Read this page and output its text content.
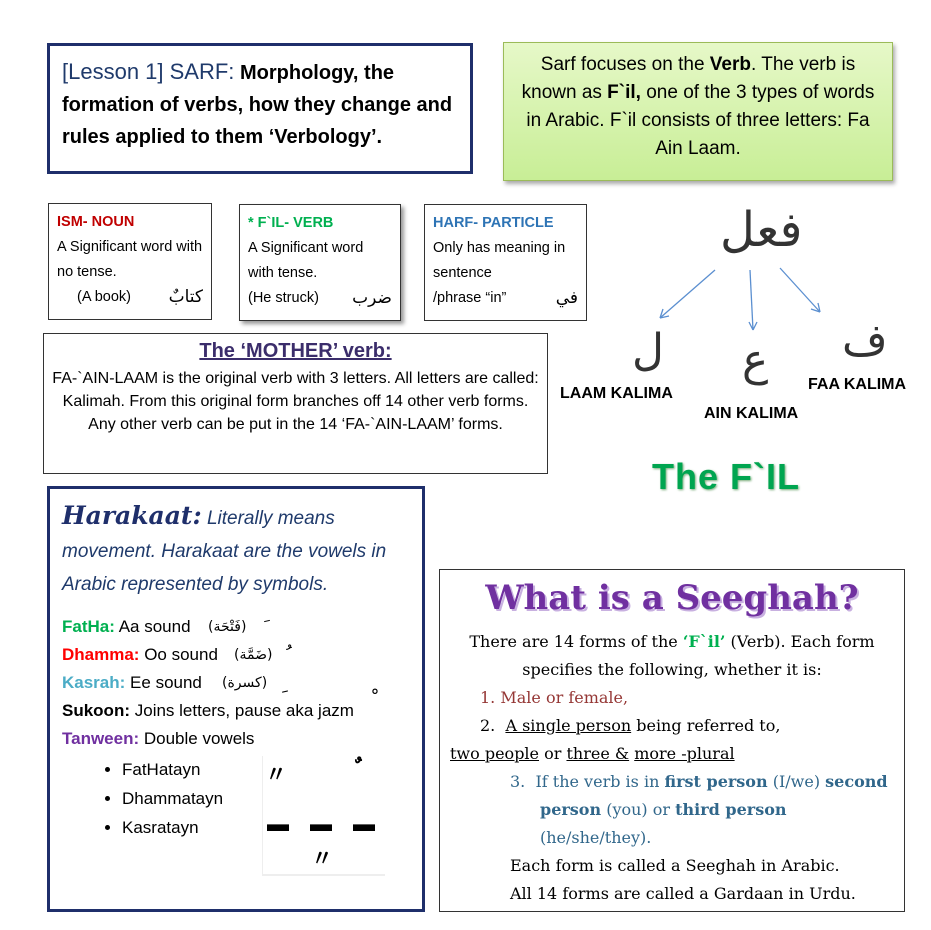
[Lesson 1] SARF: Morphology, the formation of verbs, how they change and rules applied to them ‘Verbology’.
Sarf focuses on the Verb. The verb is known as F`il, one of the 3 types of words in Arabic. F`il consists of three letters: Fa Ain Laam.
ISM- NOUN
A Significant word with no tense.
(A book) كتابٌ
* F`IL- VERB
A Significant word with tense.
(He struck) ضرب
HARF- PARTICLE
Only has meaning in sentence
/phrase “in”	في
The ‘MOTHER’ verb:
FA-`AIN-LAAM is the original verb with 3 letters. All letters are called: Kalimah. From this original form branches off 14 other verb forms. Any other verb can be put in the 14 ‘FA-`AIN-LAAM’ forms.
فعل
ل ع ف
LAAM KALIMA
AIN KALIMA
FAA KALIMA
The F`IL
Harakaat: Literally means movement. Harakaat are the vowels in Arabic represented by symbols.
FatHa: Aa sound (فَتْحَة)
Dhamma: Oo sound (ضَمَّة)
Kasrah: Ee sound (كسرة)
Sukoon: Joins letters, pause aka jazm
Tanween: Double vowels
• FatHatayn
• Dhammatayn
• Kasratayn
〃
▬ ▬ ▬
〃
What is a Seeghah?
There are 14 forms of the ‘F`il’ (Verb). Each form specifies the following, whether it is:
1. Male or female,
2. A single person being referred to,
two people or three & more -plural
3. If the verb is in first person (I/we) second person (you) or third person (he/she/they).
Each form is called a Seeghah in Arabic.
All 14 forms are called a Gardaan in Urdu.
